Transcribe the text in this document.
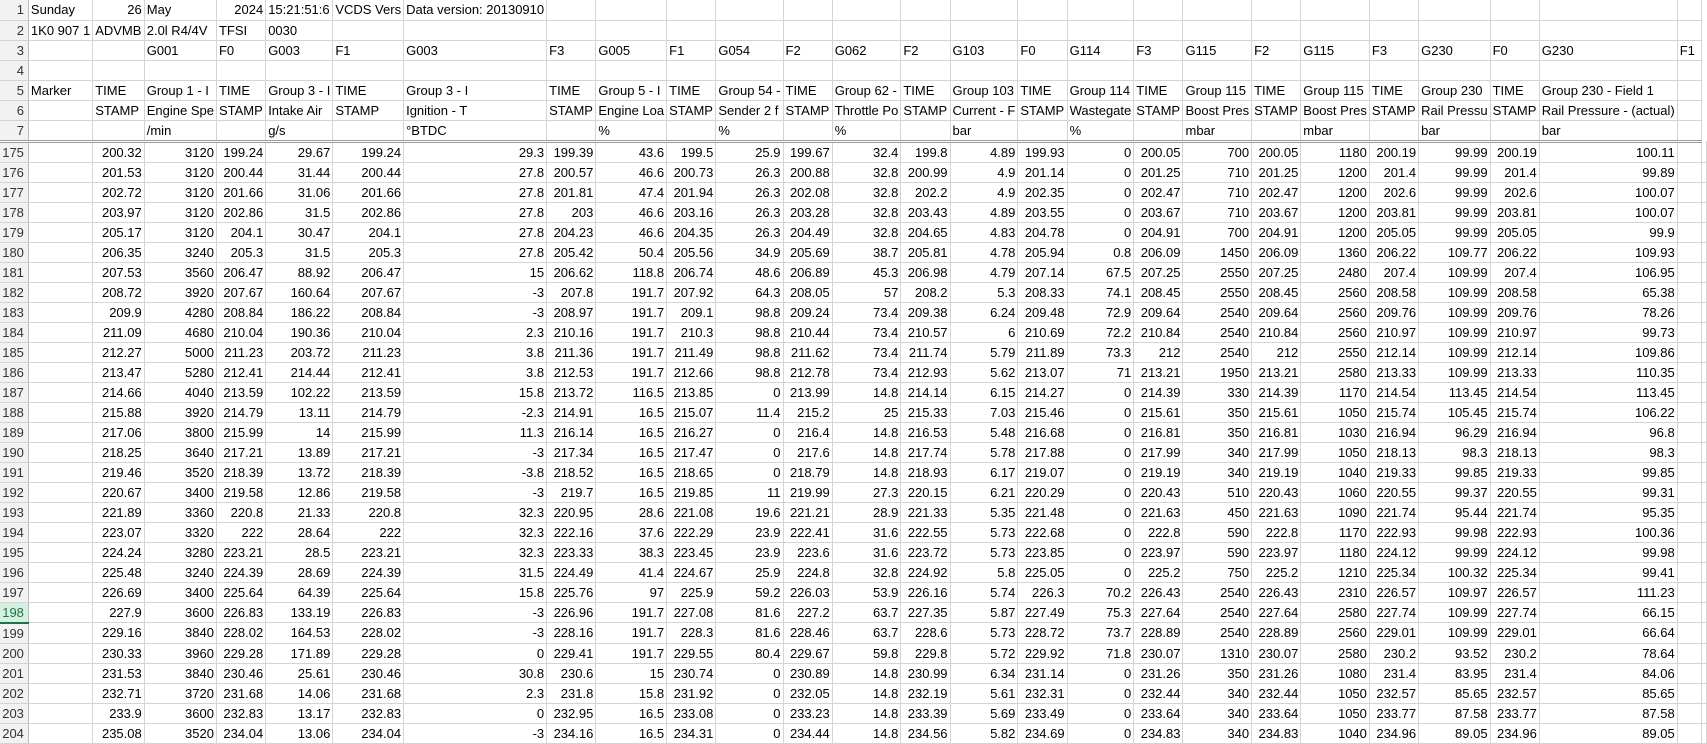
1	Sunday	26	May	2024	15:21:51:6	VCDS Vers	Data version: 20130910																				
2	1K0 907 1	ADVMB	2.0l R4/4V	TFSI	0030																						
3			G001	F0	G003	F1	G003	F3	G005	F1	G054	F2	G062	F2	G103	F0	G114	F3	G115	F2	G115	F3	G230	F0	G230	F1	
4																											
5	Marker	TIME	Group 1 - I	TIME	Group 3 - I	TIME	Group 3 - I	TIME	Group 5 - I	TIME	Group 54 -	TIME	Group 62 -	TIME	Group 103	TIME	Group 114	TIME	Group 115	TIME	Group 115	TIME	Group 230	TIME	Group 230 - Field 1		
6		STAMP	Engine Spe	STAMP	Intake Air	STAMP	Ignition - T	STAMP	Engine Loa	STAMP	Sender 2 f	STAMP	Throttle Po	STAMP	Current - F	STAMP	Wastegate	STAMP	Boost Pres	STAMP	Boost Pres	STAMP	Rail Pressu	STAMP	Rail Pressure - (actual)		
7			/min		g/s		°BTDC		%		%		%		bar		%		mbar		mbar		bar		bar		
175		200.32	3120	199.24	29.67	199.24	29.3	199.39	43.6	199.5	25.9	199.67	32.4	199.8	4.89	199.93	0	200.05	700	200.05	1180	200.19	99.99	200.19	100.11		
176		201.53	3120	200.44	31.44	200.44	27.8	200.57	46.6	200.73	26.3	200.88	32.8	200.99	4.9	201.14	0	201.25	710	201.25	1200	201.4	99.99	201.4	99.89		
177		202.72	3120	201.66	31.06	201.66	27.8	201.81	47.4	201.94	26.3	202.08	32.8	202.2	4.9	202.35	0	202.47	710	202.47	1200	202.6	99.99	202.6	100.07		
178		203.97	3120	202.86	31.5	202.86	27.8	203	46.6	203.16	26.3	203.28	32.8	203.43	4.89	203.55	0	203.67	710	203.67	1200	203.81	99.99	203.81	100.07		
179		205.17	3120	204.1	30.47	204.1	27.8	204.23	46.6	204.35	26.3	204.49	32.8	204.65	4.83	204.78	0	204.91	700	204.91	1200	205.05	99.99	205.05	99.9		
180		206.35	3240	205.3	31.5	205.3	27.8	205.42	50.4	205.56	34.9	205.69	38.7	205.81	4.78	205.94	0.8	206.09	1450	206.09	1360	206.22	109.77	206.22	109.93		
181		207.53	3560	206.47	88.92	206.47	15	206.62	118.8	206.74	48.6	206.89	45.3	206.98	4.79	207.14	67.5	207.25	2550	207.25	2480	207.4	109.99	207.4	106.95		
182		208.72	3920	207.67	160.64	207.67	-3	207.8	191.7	207.92	64.3	208.05	57	208.2	5.3	208.33	74.1	208.45	2550	208.45	2560	208.58	109.99	208.58	65.38		
183		209.9	4280	208.84	186.22	208.84	-3	208.97	191.7	209.1	98.8	209.24	73.4	209.38	6.24	209.48	72.9	209.64	2540	209.64	2560	209.76	109.99	209.76	78.26		
184		211.09	4680	210.04	190.36	210.04	2.3	210.16	191.7	210.3	98.8	210.44	73.4	210.57	6	210.69	72.2	210.84	2540	210.84	2560	210.97	109.99	210.97	99.73		
185		212.27	5000	211.23	203.72	211.23	3.8	211.36	191.7	211.49	98.8	211.62	73.4	211.74	5.79	211.89	73.3	212	2540	212	2550	212.14	109.99	212.14	109.86		
186		213.47	5280	212.41	214.44	212.41	3.8	212.53	191.7	212.66	98.8	212.78	73.4	212.93	5.62	213.07	71	213.21	1950	213.21	2580	213.33	109.99	213.33	110.35		
187		214.66	4040	213.59	102.22	213.59	15.8	213.72	116.5	213.85	0	213.99	14.8	214.14	6.15	214.27	0	214.39	330	214.39	1170	214.54	113.45	214.54	113.45		
188		215.88	3920	214.79	13.11	214.79	-2.3	214.91	16.5	215.07	11.4	215.2	25	215.33	7.03	215.46	0	215.61	350	215.61	1050	215.74	105.45	215.74	106.22		
189		217.06	3800	215.99	14	215.99	11.3	216.14	16.5	216.27	0	216.4	14.8	216.53	5.48	216.68	0	216.81	350	216.81	1030	216.94	96.29	216.94	96.8		
190		218.25	3640	217.21	13.89	217.21	-3	217.34	16.5	217.47	0	217.6	14.8	217.74	5.78	217.88	0	217.99	340	217.99	1050	218.13	98.3	218.13	98.3		
191		219.46	3520	218.39	13.72	218.39	-3.8	218.52	16.5	218.65	0	218.79	14.8	218.93	6.17	219.07	0	219.19	340	219.19	1040	219.33	99.85	219.33	99.85		
192		220.67	3400	219.58	12.86	219.58	-3	219.7	16.5	219.85	11	219.99	27.3	220.15	6.21	220.29	0	220.43	510	220.43	1060	220.55	99.37	220.55	99.31		
193		221.89	3360	220.8	21.33	220.8	32.3	220.95	28.6	221.08	19.6	221.21	28.9	221.33	5.35	221.48	0	221.63	450	221.63	1090	221.74	95.44	221.74	95.35		
194		223.07	3320	222	28.64	222	32.3	222.16	37.6	222.29	23.9	222.41	31.6	222.55	5.73	222.68	0	222.8	590	222.8	1170	222.93	99.98	222.93	100.36		
195		224.24	3280	223.21	28.5	223.21	32.3	223.33	38.3	223.45	23.9	223.6	31.6	223.72	5.73	223.85	0	223.97	590	223.97	1180	224.12	99.99	224.12	99.98		
196		225.48	3240	224.39	28.69	224.39	31.5	224.49	41.4	224.67	25.9	224.8	32.8	224.92	5.8	225.05	0	225.2	750	225.2	1210	225.34	100.32	225.34	99.41		
197		226.69	3400	225.64	64.39	225.64	15.8	225.76	97	225.9	59.2	226.03	53.9	226.16	5.74	226.3	70.2	226.43	2540	226.43	2310	226.57	109.97	226.57	111.23		
198		227.9	3600	226.83	133.19	226.83	-3	226.96	191.7	227.08	81.6	227.2	63.7	227.35	5.87	227.49	75.3	227.64	2540	227.64	2580	227.74	109.99	227.74	66.15		
199		229.16	3840	228.02	164.53	228.02	-3	228.16	191.7	228.3	81.6	228.46	63.7	228.6	5.73	228.72	73.7	228.89	2540	228.89	2560	229.01	109.99	229.01	66.64		
200		230.33	3960	229.28	171.89	229.28	0	229.41	191.7	229.55	80.4	229.67	59.8	229.8	5.72	229.92	71.8	230.07	1310	230.07	2580	230.2	93.52	230.2	78.64		
201		231.53	3840	230.46	25.61	230.46	30.8	230.6	15	230.74	0	230.89	14.8	230.99	6.34	231.14	0	231.26	350	231.26	1080	231.4	83.95	231.4	84.06		
202		232.71	3720	231.68	14.06	231.68	2.3	231.8	15.8	231.92	0	232.05	14.8	232.19	5.61	232.31	0	232.44	340	232.44	1050	232.57	85.65	232.57	85.65		
203		233.9	3600	232.83	13.17	232.83	0	232.95	16.5	233.08	0	233.23	14.8	233.39	5.69	233.49	0	233.64	340	233.64	1050	233.77	87.58	233.77	87.58		
204		235.08	3520	234.04	13.06	234.04	-3	234.16	16.5	234.31	0	234.44	14.8	234.56	5.82	234.69	0	234.83	340	234.83	1040	234.96	89.05	234.96	89.05		
